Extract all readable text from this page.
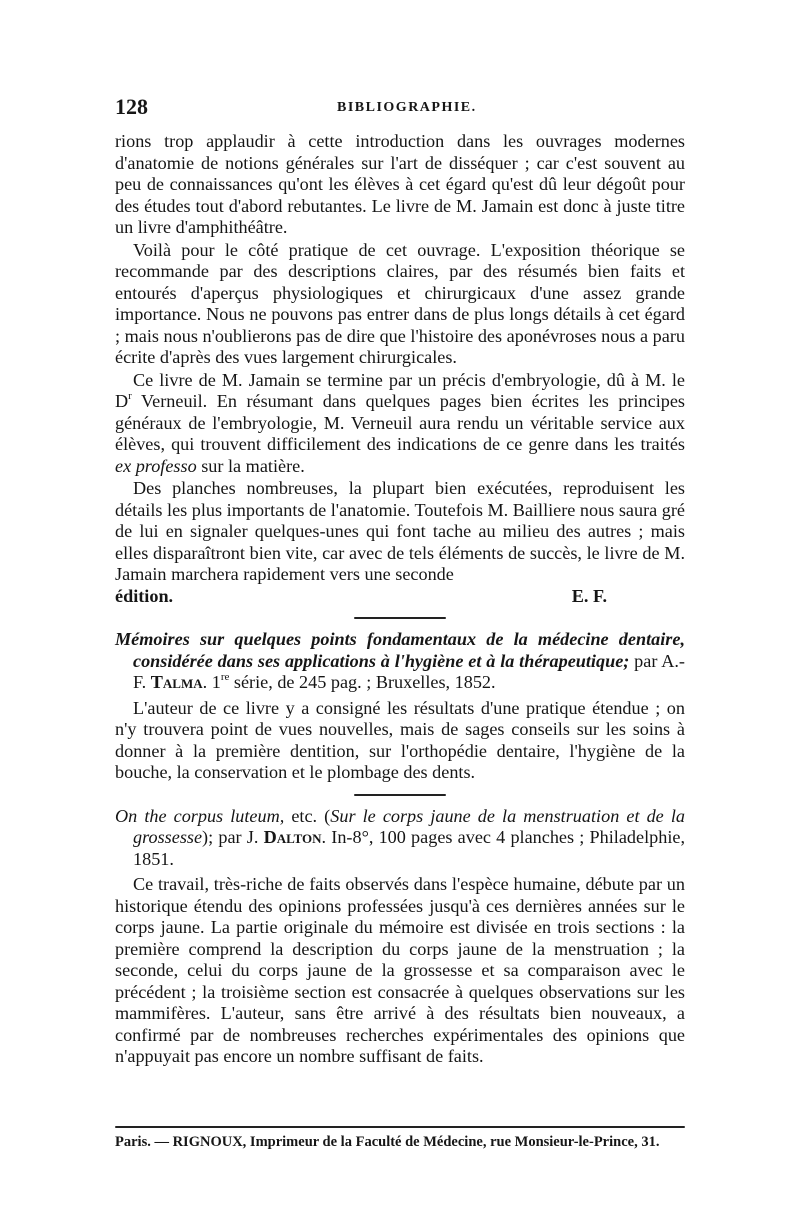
128	BIBLIOGRAPHIE.

rions trop applaudir à cette introduction dans les ouvrages modernes d'anatomie de notions générales sur l'art de disséquer ; car c'est souvent au peu de connaissances qu'ont les élèves à cet égard qu'est dû leur dégoût pour des études tout d'abord rebutantes. Le livre de M. Jamain est donc à juste titre un livre d'amphithéâtre.

Voilà pour le côté pratique de cet ouvrage. L'exposition théorique se recommande par des descriptions claires, par des résumés bien faits et entourés d'aperçus physiologiques et chirurgicaux d'une assez grande importance. Nous ne pouvons pas entrer dans de plus longs détails à cet égard ; mais nous n'oublierons pas de dire que l'histoire des aponévroses nous a paru écrite d'après des vues largement chirurgicales.

Ce livre de M. Jamain se termine par un précis d'embryologie, dû à M. le $D^r$ Verneuil. En résumant dans quelques pages bien écrites les principes généraux de l'embryologie, M. Verneuil aura rendu un véritable service aux élèves, qui trouvent difficilement des indications de ce genre dans les traités ex professo sur la matière.

Des planches nombreuses, la plupart bien exécutées, reproduisent les détails les plus importants de l'anatomie. Toutefois M. Bailliere nous saura gré de lui en signaler quelques-unes qui font tache au milieu des autres ; mais elles disparaîtront bien vite, car avec de tels éléments de succès, le livre de M. Jamain marchera rapidement vers une seconde

édition.	E. F.

Mémoires sur quelques points fondamentaux de la médecine dentaire, considérée dans ses applications à l'hygiène et à la thérapeutique; par A.-F. Talma. 1re série, de 245 pag. ; Bruxelles, 1852.

L'auteur de ce livre y a consigné les résultats d'une pratique étendue ; on n'y trouvera point de vues nouvelles, mais de sages conseils sur les soins à donner à la première dentition, sur l'orthopédie dentaire, l'hygiène de la bouche, la conservation et le plombage des dents.

On the corpus luteum, etc. (Sur le corps jaune de la menstruation et de la grossesse); par J. Dalton. In-8°, 100 pages avec 4 planches ; Philadelphie, 1851.

Ce travail, très-riche de faits observés dans l'espèce humaine, débute par un historique étendu des opinions professées jusqu'à ces dernières années sur le corps jaune. La partie originale du mémoire est divisée en trois sections : la première comprend la description du corps jaune de la menstruation ; la seconde, celui du corps jaune de la grossesse et sa comparaison avec le précédent ; la troisième section est consacrée à quelques observations sur les mammifères. L'auteur, sans être arrivé à des résultats bien nouveaux, a confirmé par de nombreuses recherches expérimentales des opinions que n'appuyait pas encore un nombre suffisant de faits.

Paris. — RIGNOUX, Imprimeur de la Faculté de Médecine, rue Monsieur-le-Prince, 31.
